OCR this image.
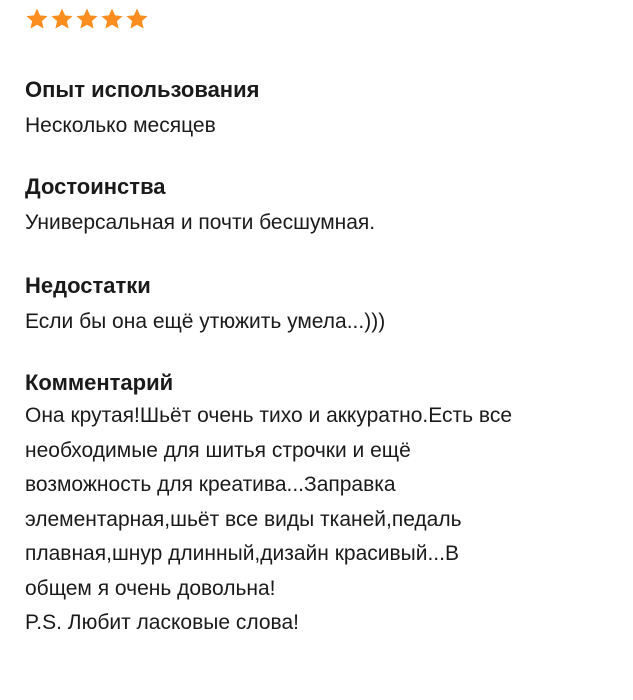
Опыт использования

Несколько месяцев

Достоинства

Универсальная и почти бесшумная.

Недостатки

Если бы она ещё утюжить умела...)))

Комментарий

Она крутая!Шьёт очень тихо и аккуратно.Есть все
необходимые для шитья строчки и ещё
возможность для креатива...Заправка
элементарная,шьёт все виды тканей,педаль
плавная,шнур длинный,дизайн красивый...В
общем я очень довольна!
P.S. Любит ласковые слова!
